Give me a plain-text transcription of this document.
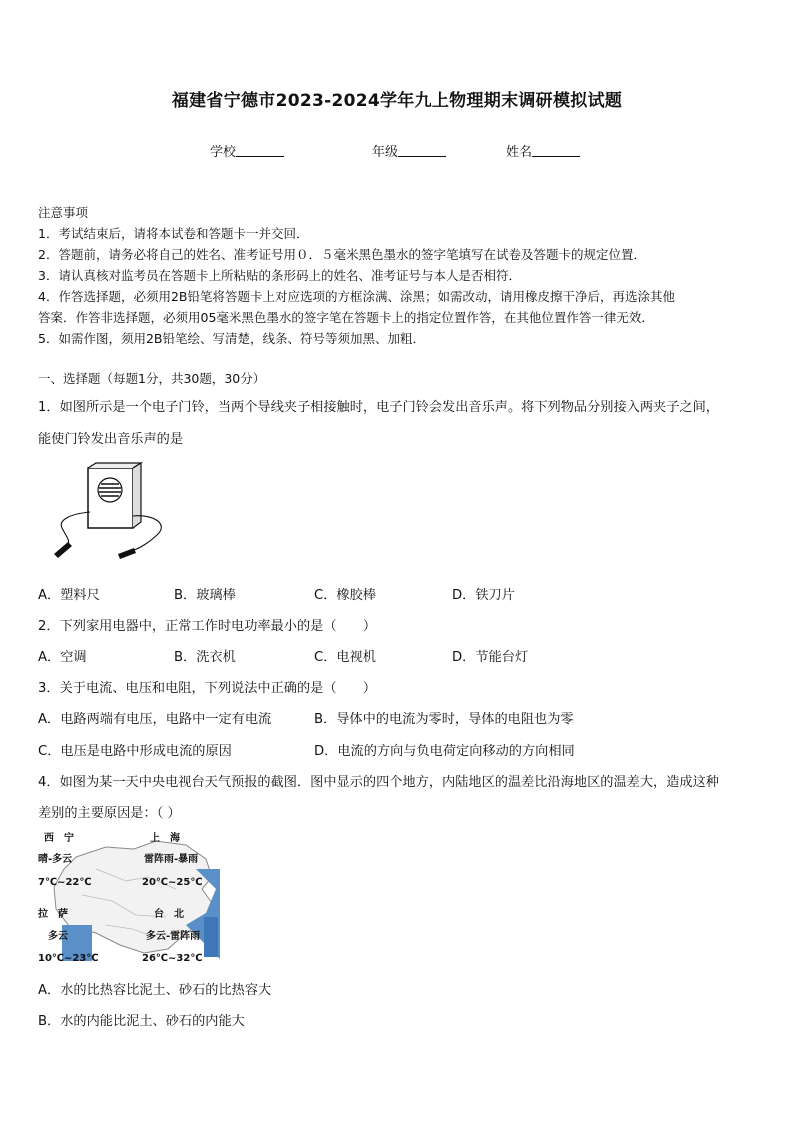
福建省宁德市2023-2024学年九上物理期末调研模拟试题
学校	年级	姓名
注意事项
1．考试结束后，请将本试卷和答题卡一并交回．
2．答题前，请务必将自己的姓名、准考证号用０．５毫米黑色墨水的签字笔填写在试卷及答题卡的规定位置．
3．请认真核对监考员在答题卡上所粘贴的条形码上的姓名、准考证号与本人是否相符．
4．作答选择题，必须用2B铅笔将答题卡上对应选项的方框涂满、涂黑；如需改动，请用橡皮擦干净后，再选涂其他
答案．作答非选择题，必须用05毫米黑色墨水的签字笔在答题卡上的指定位置作答，在其他位置作答一律无效．
5．如需作图，须用2B铅笔绘、写清楚，线条、符号等须加黑、加粗．
一、选择题（每题1分，共30题，30分）
1．如图所示是一个电子门铃，当两个导线夹子相接触时，电子门铃会发出音乐声。将下列物品分别接入两夹子之间，
能使门铃发出音乐声的是
A．塑料尺	B．玻璃棒	C．橡胶棒	D．铁刀片
2．下列家用电器中，正常工作时电功率最小的是（　　）
A．空调	B．洗衣机	C．电视机	D．节能台灯
3．关于电流、电压和电阻，下列说法中正确的是（　　）
A．电路两端有电压，电路中一定有电流	B．导体中的电流为零时，导体的电阻也为零
C．电压是电路中形成电流的原因	D．电流的方向与负电荷定向移动的方向相同
4．如图为某一天中央电视台天气预报的截图．图中显示的四个地方，内陆地区的温差比沿海地区的温差大，造成这种
差别的主要原因是：（ ）
西　宁
晴-多云
7℃~22℃
上　海
雷阵雨-暴雨
20℃~25℃
拉　萨
多云
10℃~23℃
台　北
多云-雷阵雨
26℃~32℃
A．水的比热容比泥土、砂石的比热容大
B．水的内能比泥土、砂石的内能大
